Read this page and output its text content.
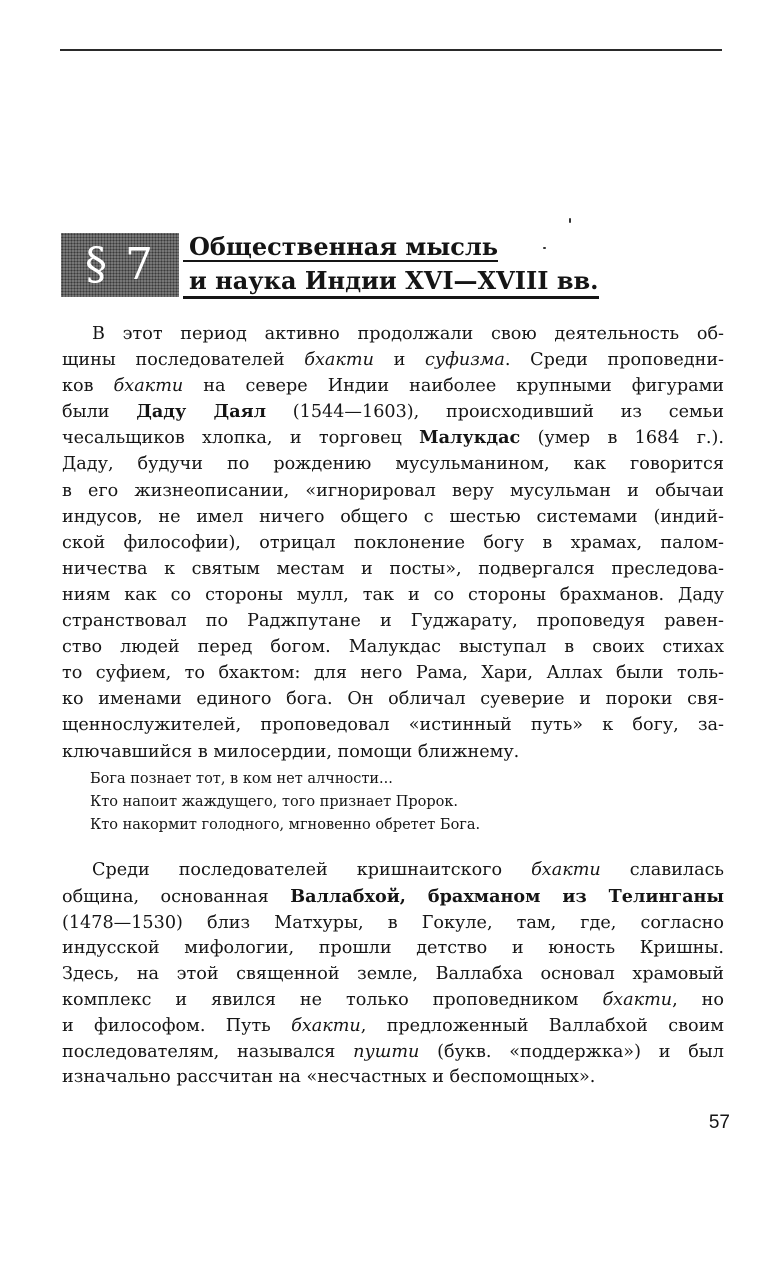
§ 7	Общественная мысль
и наука Индии XVI—XVIII вв.
В этот период активно продолжали свою деятельность об-
щины последователей бхакти и суфизма. Среди проповедни-
ков бхакти на севере Индии наиболее крупными фигурами
были Даду Даял (1544—1603), происходивший из семьи
чесальщиков хлопка, и торговец Малукдас (умер в 1684 г.).
Даду, будучи по рождению мусульманином, как говорится
в его жизнеописании, «игнорировал веру мусульман и обычаи
индусов, не имел ничего общего с шестью системами (индий-
ской философии), отрицал поклонение богу в храмах, палом-
ничества к святым местам и посты», подвергался преследова-
ниям как со стороны мулл, так и со стороны брахманов. Даду
странствовал по Раджпутане и Гуджарату, проповедуя равен-
ство людей перед богом. Малукдас выступал в своих стихах
то суфием, то бхактом: для него Рама, Хари, Аллах были толь-
ко именами единого бога. Он обличал суеверие и пороки свя-
щеннослужителей, проповедовал «истинный путь» к богу, за-
ключавшийся в милосердии, помощи ближнему.
Бога познает тот, в ком нет алчности...
Кто напоит жаждущего, того признает Пророк.
Кто накормит голодного, мгновенно обретет Бога.
Среди последователей кришнаитского бхакти славилась
община, основанная Валлабхой, брахманом из Телинганы
(1478—1530) близ Матхуры, в Гокуле, там, где, согласно
индусской мифологии, прошли детство и юность Кришны.
Здесь, на этой священной земле, Валлабха основал храмовый
комплекс и явился не только проповедником бхакти, но
и философом. Путь бхакти, предложенный Валлабхой своим
последователям, назывался пушти (букв. «поддержка») и был
изначально рассчитан на «несчастных и беспомощных».
57
